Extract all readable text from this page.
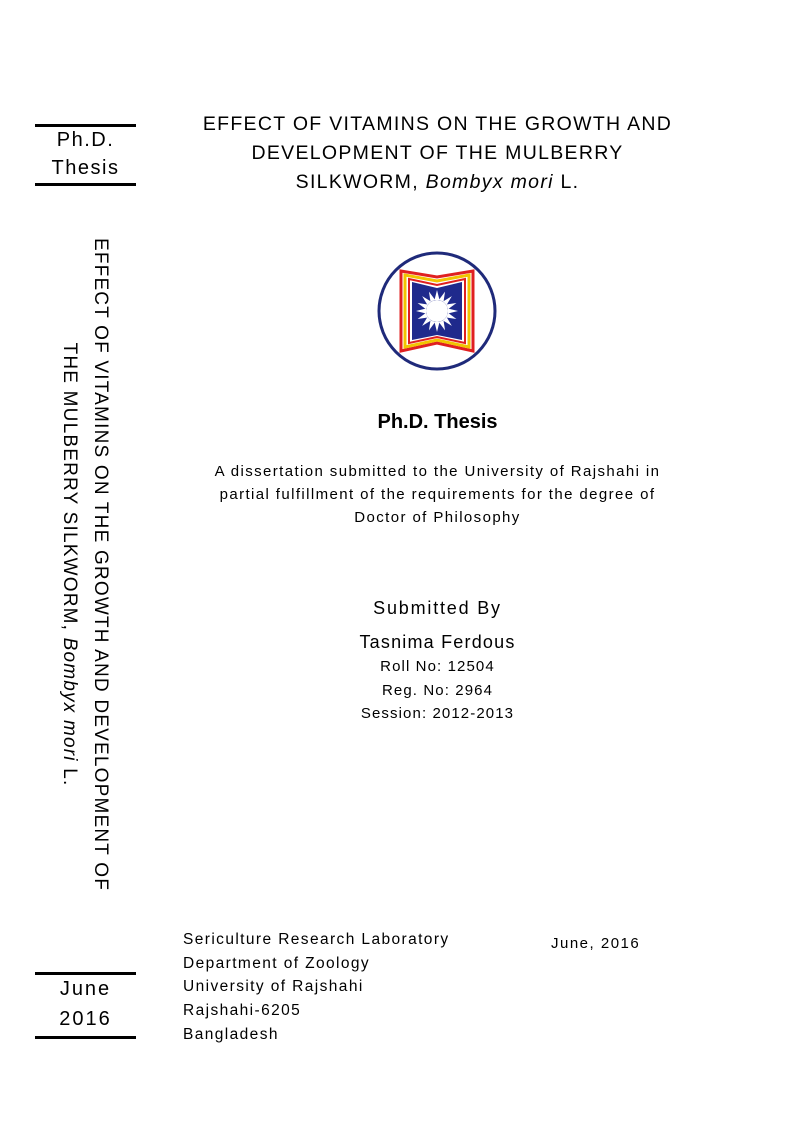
Ph.D.
Thesis
EFFECT OF VITAMINS ON THE GROWTH AND DEVELOPMENT OF
THE MULBERRY SILKWORM, Bombyx mori L.
EFFECT OF VITAMINS ON THE GROWTH AND
DEVELOPMENT OF THE MULBERRY
SILKWORM, Bombyx mori L.
Ph.D. Thesis
A dissertation submitted to the University of Rajshahi in
partial fulfillment of the requirements for the degree of
Doctor of Philosophy
Submitted By
Tasnima Ferdous
Roll No: 12504
Reg. No: 2964
Session: 2012-2013
Sericulture Research Laboratory
Department of Zoology
University of Rajshahi
Rajshahi-6205
Bangladesh
June, 2016
June
2016
